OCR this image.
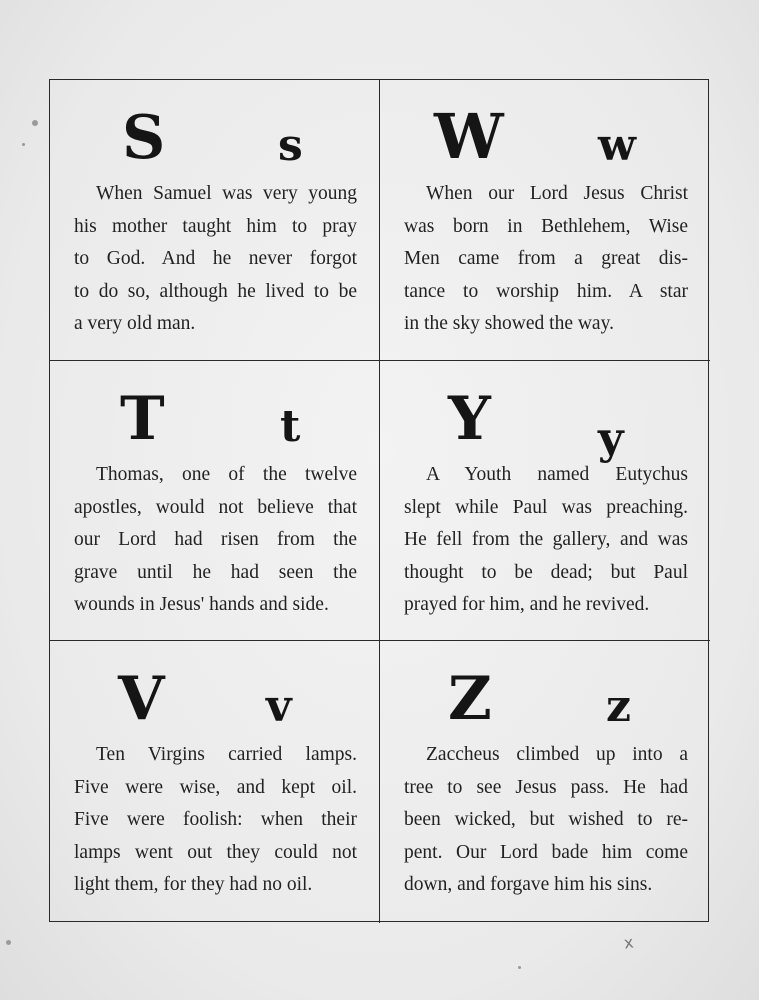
S	s
When Samuel was very young
his mother taught him to pray
to God. And he never forgot
to do so, although he lived to be
a very old man.
W w
When our Lord Jesus Christ
was born in Bethlehem, Wise
Men came from a great dis-
tance to worship him. A star
in the sky showed the way.
T	t
Thomas, one of the twelve
apostles, would not believe that
our Lord had risen from the
grave until he had seen the
wounds in Jesus' hands and side.
Y y
A Youth named Eutychus
slept while Paul was preaching.
He fell from the gallery, and was
thought to be dead; but Paul
prayed for him, and he revived.
V v
Ten Virgins carried lamps.
Five were wise, and kept oil.
Five were foolish: when their
lamps went out they could not
light them, for they had no oil.
Z	z
Zaccheus climbed up into a
tree to see Jesus pass. He had
been wicked, but wished to re-
pent. Our Lord bade him come
down, and forgave him his sins.
x
